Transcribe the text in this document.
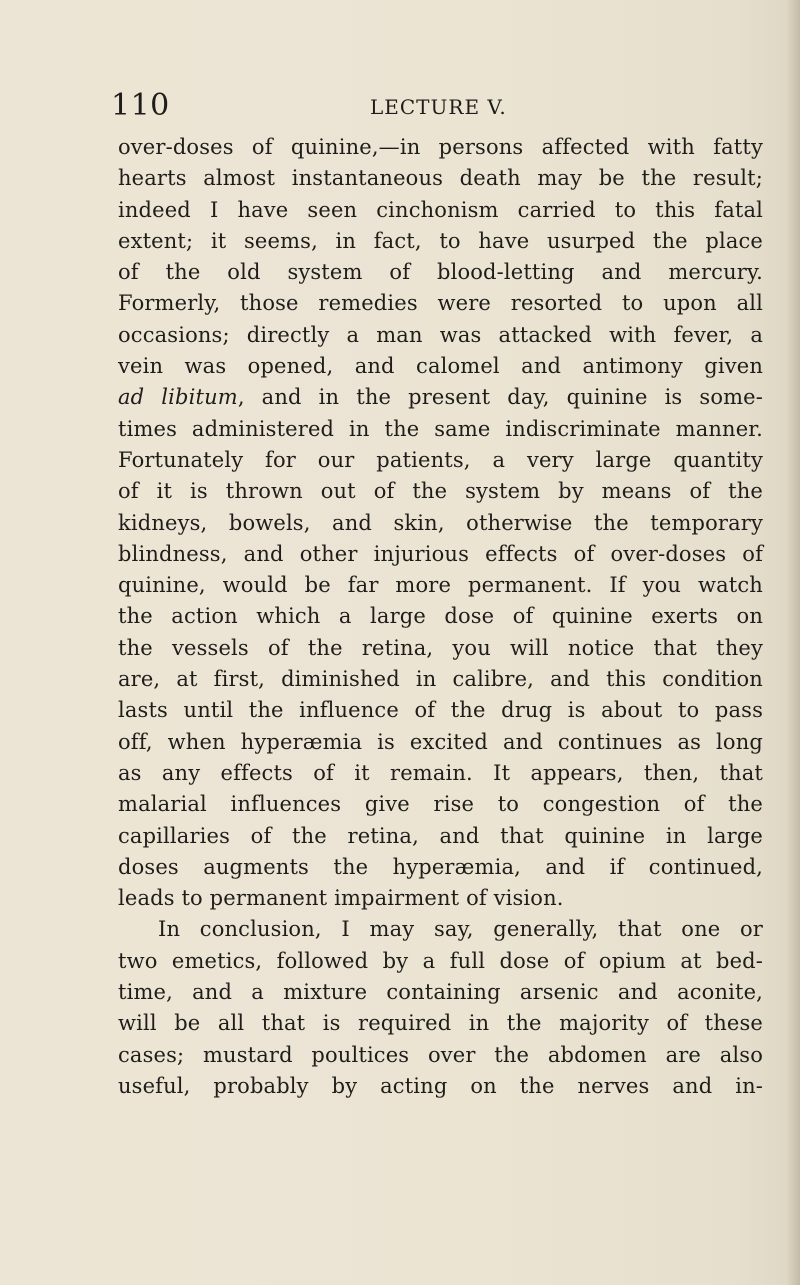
110	LECTURE V.
over-doses of quinine,—in persons affected with fatty
hearts almost instantaneous death may be the result;
indeed I have seen cinchonism carried to this fatal
extent; it seems, in fact, to have usurped the place
of the old system of blood-letting and mercury.
Formerly, those remedies were resorted to upon all
occasions; directly a man was attacked with fever, a
vein was opened, and calomel and antimony given
ad libitum, and in the present day, quinine is some-
times administered in the same indiscriminate manner.
Fortunately for our patients, a very large quantity
of it is thrown out of the system by means of the
kidneys, bowels, and skin, otherwise the temporary
blindness, and other injurious effects of over-doses of
quinine, would be far more permanent. If you watch
the action which a large dose of quinine exerts on
the vessels of the retina, you will notice that they
are, at first, diminished in calibre, and this condition
lasts until the influence of the drug is about to pass
off, when hyperæmia is excited and continues as long
as any effects of it remain. It appears, then, that
malarial influences give rise to congestion of the
capillaries of the retina, and that quinine in large
doses augments the hyperæmia, and if continued,
leads to permanent impairment of vision.
In conclusion, I may say, generally, that one or
two emetics, followed by a full dose of opium at bed-
time, and a mixture containing arsenic and aconite,
will be all that is required in the majority of these
cases; mustard poultices over the abdomen are also
useful, probably by acting on the nerves and in-
